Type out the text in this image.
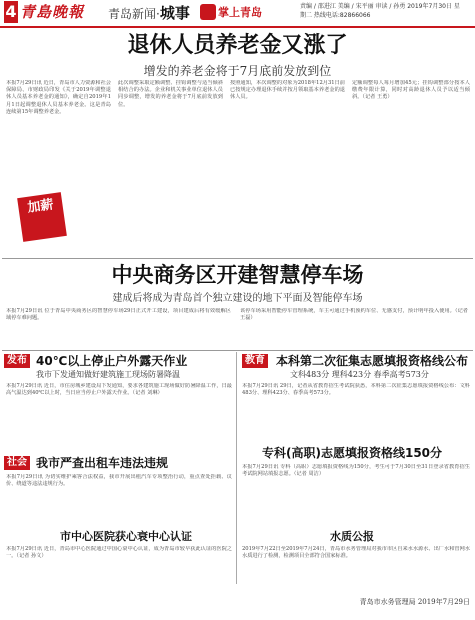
4 青島晚報 青岛新闻·城事	掌上青岛	责编 / 邵进江 美编 / 宋平丽 审读 / 孙勇 2019年7月30日 星期二 热线电话:82866066
退休人员养老金又涨了
增发的养老金将于7月底前发放到位
本报7月29日讯 近日，青岛市人力资源和社会保障局、市财政局印发《关于2019年调整退休人员基本养老金的通知》，确定自2019年1月1日起调整退休人员基本养老金。这是青岛连续第15年调整养老金。
此次调整采取定额调整、挂钩调整与适当倾斜相结合的办法。企业和机关事业单位退休人员同步调整，增发的养老金将于7月底前发放到位。
按照通知，本次调整的对象为2018年12月31日前已按规定办理退休手续并按月领取基本养老金的退休人员。
定额调整每人每月增加45元；挂钩调整部分按本人缴费年限计算，同时对高龄退休人员予以适当倾斜。（记者 王勇）
加薪
中央商务区开建智慧停车场
建成后将成为青岛首个独立建设的地下平面及智能停车场
本报7月29日讯 位于青岛中央商务区的智慧停车场29日正式开工建设，项目建成后将有效缓解区域停车难问题。
该停车场采用智能停车管理系统，车主可通过手机预约车位、无感支付，预计明年投入使用。（记者 王磊）
发布 40℃以上停止户外露天作业
我市下发通知做好建筑施工现场防暑降温
本报7月29日讯 近日，市住房城乡建设局下发通知，要求各建筑施工现场做好防暑降温工作，日最高气温达到40℃以上时，当日应当停止户外露天作业。（记者 刘琳）
社会 我市严查出租车违法违规
本报7月29日讯 为切实维护乘客合法权益，我市开展出租汽车专项整治行动，重点查处拒载、议价、绕道等违法违规行为。
市中心医院获心衰中心认证
本报7月29日讯 近日，青岛市中心医院通过中国心衰中心认证，成为青岛市较早获此认证的医院之一。（记者 孙文）
教育 本科第二次征集志愿填报资格线公布
文科483分 理科423分 春季高考573分
本报7月29日讯 29日，记者从省教育招生考试院获悉，本科第二次征集志愿填报资格线公布：文科483分、理科423分、春季高考573分。
专科(高职)志愿填报资格线150分
本报7月29日讯 专科（高职）志愿填报资格线为150分，考生可于7月30日至31日登录省教育招生考试院网站填报志愿。（记者 周洁）
水质公报
2019年7月22日至2019年7月24日，青岛市水务管理局对我市市区自来水水源水、出厂水和管网水水质进行了检测，检测项目全部符合国家标准。
青岛市水务管理局 2019年7月29日
